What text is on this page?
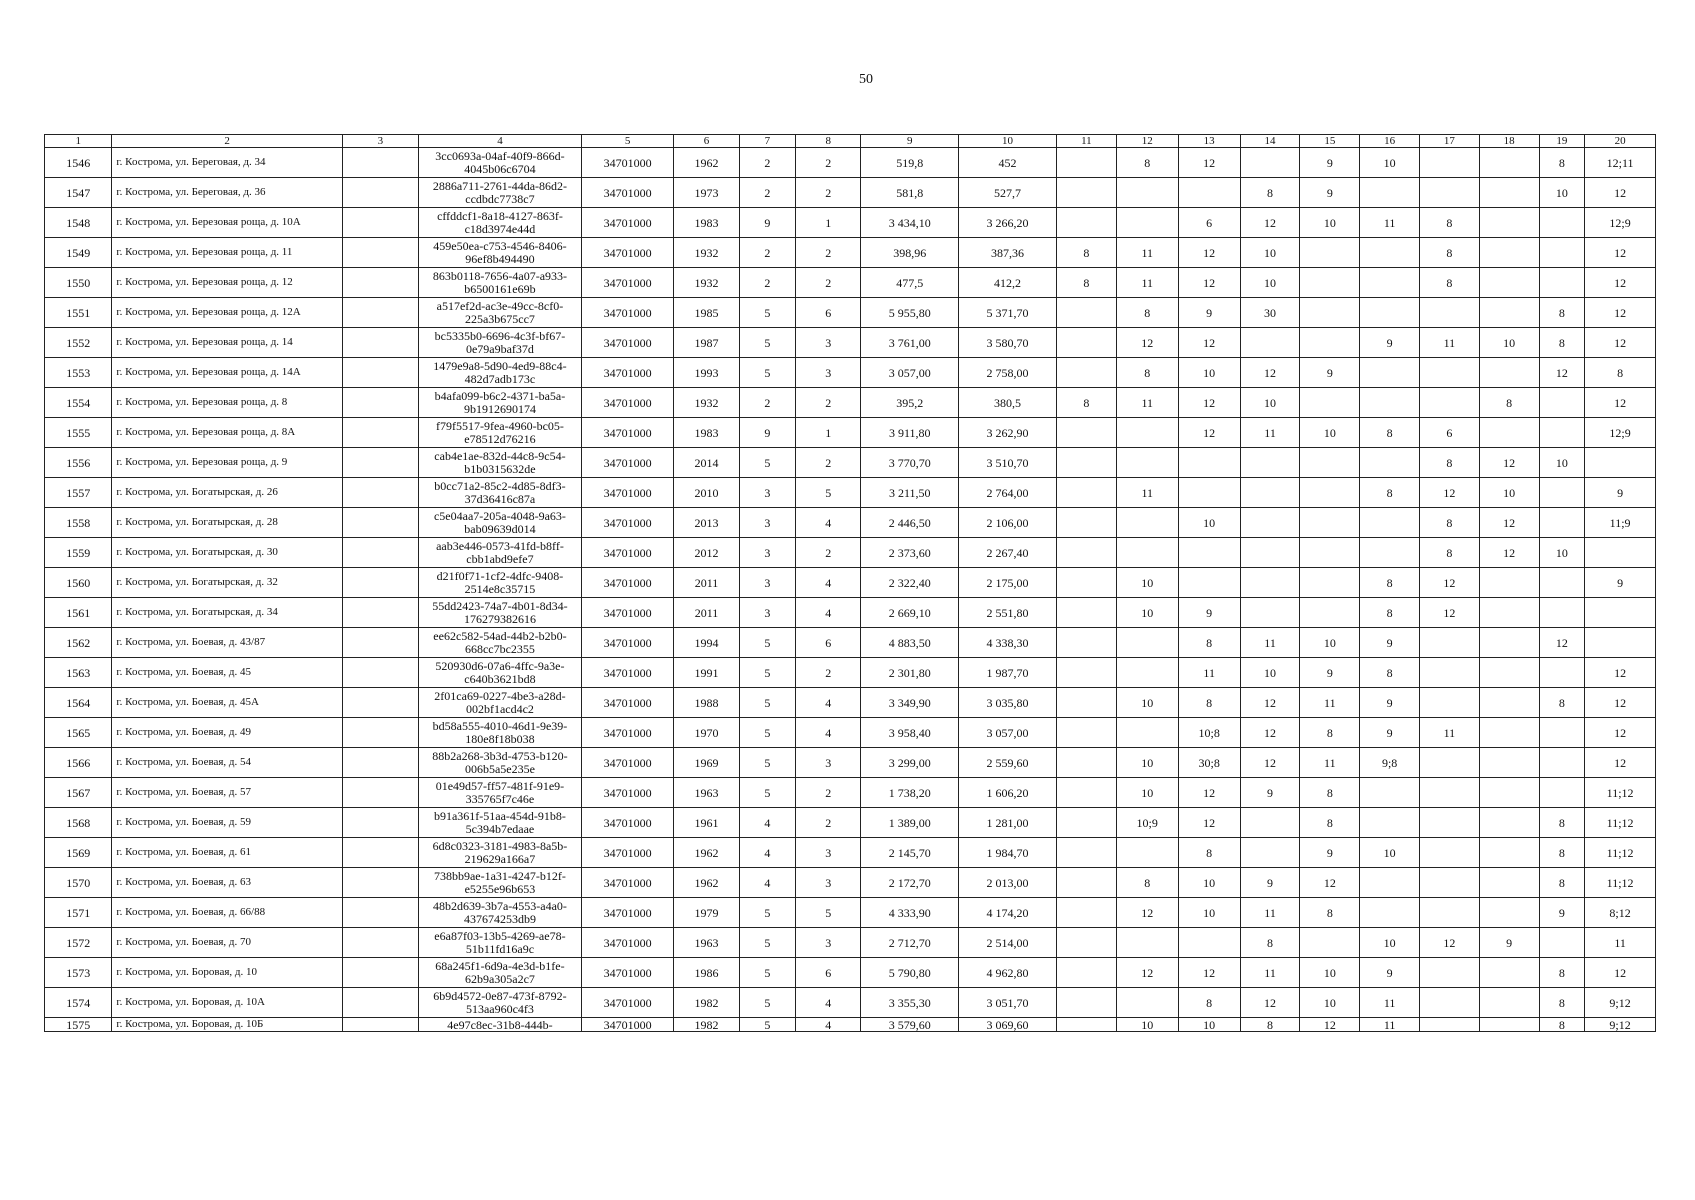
50
1	2	3	4	5	6	7	8	9	10	11	12	13	14	15	16	17	18	19	20
1546	г. Кострома, ул. Береговая, д. 34		3cc0693a-04af-40f9-866d-4045b06c6704	34701000	1962	2	2	519,8	452		8	12		9	10			8	12;11
1547	г. Кострома, ул. Береговая, д. 36		2886a711-2761-44da-86d2-ccdbdc7738c7	34701000	1973	2	2	581,8	527,7				8	9				10	12
1548	г. Кострома, ул. Березовая роща, д. 10А		cffddcf1-8a18-4127-863f-c18d3974e44d	34701000	1983	9	1	3 434,10	3 266,20			6	12	10	11	8			12;9
1549	г. Кострома, ул. Березовая роща, д. 11		459e50ea-c753-4546-8406-96ef8b494490	34701000	1932	2	2	398,96	387,36	8	11	12	10			8			12
1550	г. Кострома, ул. Березовая роща, д. 12		863b0118-7656-4a07-a933-b6500161e69b	34701000	1932	2	2	477,5	412,2	8	11	12	10			8			12
1551	г. Кострома, ул. Березовая роща, д. 12А		a517ef2d-ac3e-49cc-8cf0-225a3b675cc7	34701000	1985	5	6	5 955,80	5 371,70		8	9	30					8	12
1552	г. Кострома, ул. Березовая роща, д. 14		bc5335b0-6696-4c3f-bf67-0e79a9baf37d	34701000	1987	5	3	3 761,00	3 580,70		12	12			9	11	10	8	12
1553	г. Кострома, ул. Березовая роща, д. 14А		1479e9a8-5d90-4ed9-88c4-482d7adb173c	34701000	1993	5	3	3 057,00	2 758,00		8	10	12	9				12	8
1554	г. Кострома, ул. Березовая роща, д. 8		b4afa099-b6c2-4371-ba5a-9b1912690174	34701000	1932	2	2	395,2	380,5	8	11	12	10				8		12
1555	г. Кострома, ул. Березовая роща, д. 8А		f79f5517-9fea-4960-bc05-e78512d76216	34701000	1983	9	1	3 911,80	3 262,90			12	11	10	8	6			12;9
1556	г. Кострома, ул. Березовая роща, д. 9		cab4e1ae-832d-44c8-9c54-b1b0315632de	34701000	2014	5	2	3 770,70	3 510,70							8	12	10	
1557	г. Кострома, ул. Богатырская, д. 26		b0cc71a2-85c2-4d85-8df3-37d36416c87a	34701000	2010	3	5	3 211,50	2 764,00		11				8	12	10		9
1558	г. Кострома, ул. Богатырская, д. 28		c5e04aa7-205a-4048-9a63-bab09639d014	34701000	2013	3	4	2 446,50	2 106,00			10				8	12		11;9
1559	г. Кострома, ул. Богатырская, д. 30		aab3e446-0573-41fd-b8ff-cbb1abd9efe7	34701000	2012	3	2	2 373,60	2 267,40							8	12	10	
1560	г. Кострома, ул. Богатырская, д. 32		d21f0f71-1cf2-4dfc-9408-2514e8c35715	34701000	2011	3	4	2 322,40	2 175,00		10				8	12			9
1561	г. Кострома, ул. Богатырская, д. 34		55dd2423-74a7-4b01-8d34-176279382616	34701000	2011	3	4	2 669,10	2 551,80		10	9			8	12			
1562	г. Кострома, ул. Боевая, д. 43/87		ee62c582-54ad-44b2-b2b0-668cc7bc2355	34701000	1994	5	6	4 883,50	4 338,30			8	11	10	9			12	
1563	г. Кострома, ул. Боевая, д. 45		520930d6-07a6-4ffc-9a3e-c640b3621bd8	34701000	1991	5	2	2 301,80	1 987,70			11	10	9	8				12
1564	г. Кострома, ул. Боевая, д. 45А		2f01ca69-0227-4be3-a28d-002bf1acd4c2	34701000	1988	5	4	3 349,90	3 035,80		10	8	12	11	9			8	12
1565	г. Кострома, ул. Боевая, д. 49		bd58a555-4010-46d1-9e39-180e8f18b038	34701000	1970	5	4	3 958,40	3 057,00			10;8	12	8	9	11			12
1566	г. Кострома, ул. Боевая, д. 54		88b2a268-3b3d-4753-b120-006b5a5e235e	34701000	1969	5	3	3 299,00	2 559,60		10	30;8	12	11	9;8				12
1567	г. Кострома, ул. Боевая, д. 57		01e49d57-ff57-481f-91e9-335765f7c46e	34701000	1963	5	2	1 738,20	1 606,20		10	12	9	8					11;12
1568	г. Кострома, ул. Боевая, д. 59		b91a361f-51aa-454d-91b8-5c394b7edaae	34701000	1961	4	2	1 389,00	1 281,00		10;9	12		8				8	11;12
1569	г. Кострома, ул. Боевая, д. 61		6d8c0323-3181-4983-8a5b-219629a166a7	34701000	1962	4	3	2 145,70	1 984,70			8		9	10			8	11;12
1570	г. Кострома, ул. Боевая, д. 63		738bb9ae-1a31-4247-b12f-e5255e96b653	34701000	1962	4	3	2 172,70	2 013,00		8	10	9	12				8	11;12
1571	г. Кострома, ул. Боевая, д. 66/88		48b2d639-3b7a-4553-a4a0-437674253db9	34701000	1979	5	5	4 333,90	4 174,20		12	10	11	8				9	8;12
1572	г. Кострома, ул. Боевая, д. 70		e6a87f03-13b5-4269-ae78-51b11fd16a9c	34701000	1963	5	3	2 712,70	2 514,00				8		10	12	9		11
1573	г. Кострома, ул. Боровая, д. 10		68a245f1-6d9a-4e3d-b1fe-62b9a305a2c7	34701000	1986	5	6	5 790,80	4 962,80		12	12	11	10	9			8	12
1574	г. Кострома, ул. Боровая, д. 10А		6b9d4572-0e87-473f-8792-513aa960c4f3	34701000	1982	5	4	3 355,30	3 051,70			8	12	10	11			8	9;12
1575	г. Кострома, ул. Боровая, д. 10Б		4e97c8ec-31b8-444b-	34701000	1982	5	4	3 579,60	3 069,60		10	10	8	12	11			8	9;12
